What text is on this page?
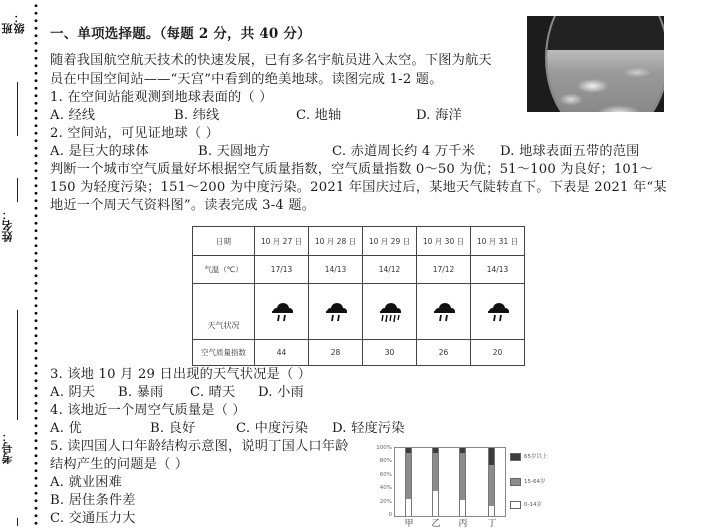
班级：
姓名：
考号：
一、单项选择题。（每题 2 分，共 40 分）
随着我国航空航天技术的快速发展，已有多名宇航员进入太空。下图为航天
员在中国空间站——“天宫”中看到的绝美地球。读图完成 1-2 题。
1. 在空间站能观测到地球表面的（ ）
A. 经线	B. 纬线	C. 地轴	D. 海洋
2. 空间站，可见证地球（ ）
A. 是巨大的球体	B. 天圆地方	C. 赤道周长约 4 万千米 D. 地球表面五带的范围
判断一个城市空气质量好坏根据空气质量指数，空气质量指数 0～50 为优；51～100 为良好；101～
150 为轻度污染；151～200 为中度污染。2021 年国庆过后，某地天气陡转直下。下表是 2021 年“某
地近一个周天气资料图”。读表完成 3-4 题。
日期	10 月 27 日	10 月 28 日	10 月 29 日	10 月 30 日	10 月 31 日
气温（℃）	17/13	14/13	14/12	17/12	14/13
天气状况	

空气质量指数	44	28	30	26	20
3. 该地 10 月 29 日出现的天气状况是（ ）
A. 阴天 B. 暴雨 C. 晴天 D. 小雨
4. 该地近一个周空气质量是（ ）
A. 优	B. 良好	C. 中度污染 D. 轻度污染
5. 读四国人口年龄结构示意图，说明丁国人口年龄
结构产生的问题是（ ）
A. 就业困难
B. 居住条件差
C. 交通压力大
100%
80%
60%
40%
20%
0
甲 乙 丙 丁
65岁以上
15-64岁
0-14岁
